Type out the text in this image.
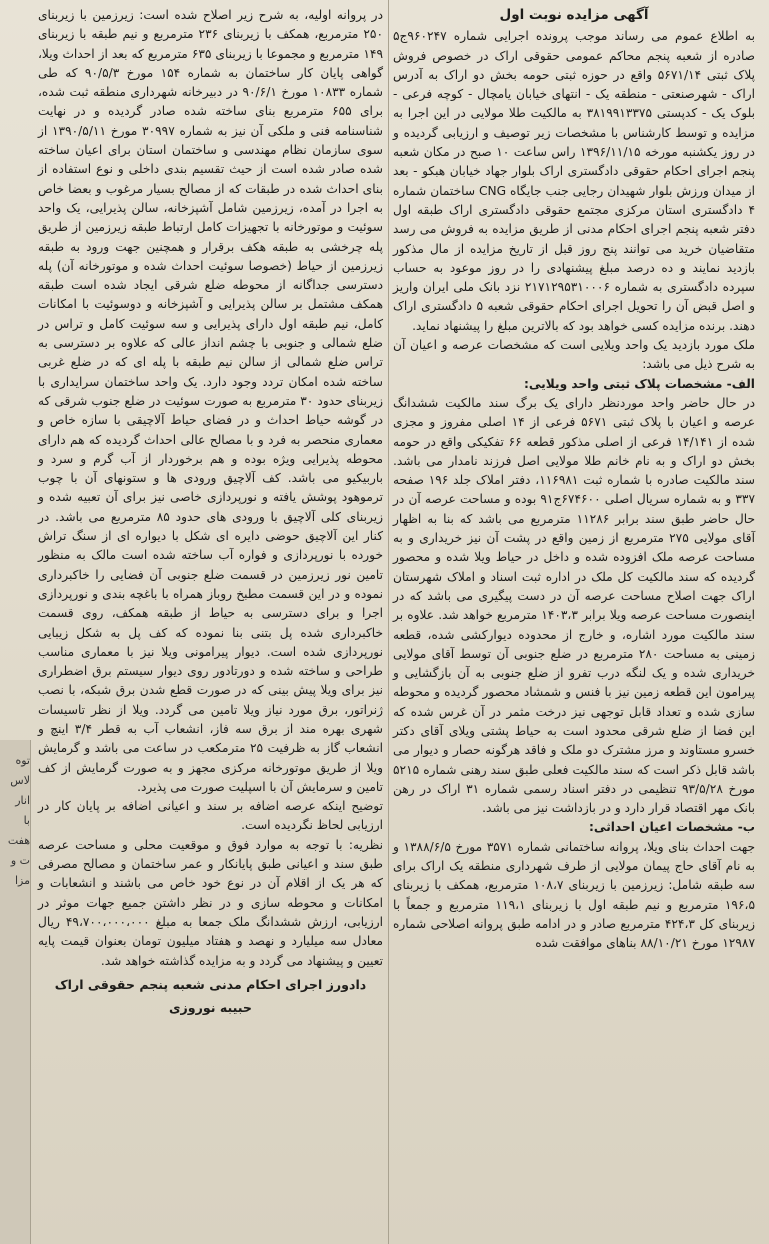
توه
لاس
انار
با
هفت
ت و
مزا
آگهی مزایده نوبت اول

به اطلاع عموم می رساند موجب پرونده اجرایی شماره ۹۶۰۲۴۷ج۵ صادره از شعبه پنجم محاکم عمومی حقوقی اراک در خصوص فروش پلاک ثبتی ۵۶۷۱/۱۴ واقع در حوزه ثبتی حومه بخش دو اراک به آدرس اراک - شهرصنعتی - منطقه یک - انتهای خیابان یامچال - کوچه فرعی - بلوک یک - کدپستی ۳۸۱۹۹۱۳۳۷۵ به مالکیت طلا مولایی در این اجرا به مزایده و توسط کارشناس با مشخصات زیر توصیف و ارزیابی گردیده و در روز یکشنبه مورخه ۱۳۹۶/۱۱/۱۵ راس ساعت ۱۰ صبح در مکان شعبه پنجم اجرای احکام حقوقی دادگستری اراک بلوار جهاد خیابان هبکو - بعد از میدان ورزش بلوار شهیدان رجایی جنب جایگاه CNG ساختمان شماره ۴ دادگستری استان مرکزی مجتمع حقوقی دادگستری اراک طبقه اول دفتر شعبه پنجم اجرای احکام مدنی از طریق مزایده به فروش می رسد متقاضیان خرید می توانند پنج روز قبل از تاریخ مزایده از مال مذکور بازدید نمایند و ده درصد مبلغ پیشنهادی را در روز موعود به حساب سپرده دادگستری به شماره ۲۱۷۱۲۹۵۳۱۰۰۰۶ نزد بانک ملی ایران واریز و اصل قبض آن را تحویل اجرای احکام حقوقی شعبه ۵ دادگستری اراک دهند. برنده مزایده کسی خواهد بود که بالاترین مبلغ را پیشنهاد نماید.

ملک مورد بازدید یک واحد ویلایی است که مشخصات عرصه و اعیان آن به شرح ذیل می باشد:

الف- مشخصات پلاک ثبتی واحد ویلایی:

در حال حاضر واحد موردنظر دارای یک برگ سند مالکیت ششدانگ عرصه و اعیان با پلاک ثبتی ۵۶۷۱ فرعی از ۱۴ اصلی مفروز و مجزی شده از ۱۴/۱۴۱ فرعی از اصلی مذکور قطعه ۶۶ تفکیکی واقع در حومه بخش دو اراک و به نام خانم طلا مولایی اصل فرزند نامدار می باشد. سند مالکیت صادره با شماره ثبت ۱۱۶۹۸۱، دفتر املاک جلد ۱۹۶ صفحه ۳۳۷ و به شماره سریال اصلی ۶۷۴۶۰۰ج۹۱ بوده و مساحت عرصه آن در حال حاضر طبق سند برابر ۱۱۲۸۶ مترمربع می باشد که بنا به اظهار آقای مولایی ۲۷۵ مترمربع از زمین واقع در پشت آن نیز خریداری و به مساحت عرصه ملک افزوده شده و داخل در حیاط ویلا شده و محصور گردیده که سند مالکیت کل ملک در اداره ثبت اسناد و املاک شهرستان اراک جهت اصلاح مساحت عرصه آن در دست پیگیری می باشد که در اینصورت مساحت عرصه ویلا برابر ۱۴۰۳،۳ مترمربع خواهد شد. علاوه بر سند مالکیت مورد اشاره، و خارج از محدوده دیوارکشی شده، قطعه زمینی به مساحت ۲۸۰ مترمربع در ضلع جنوبی آن توسط آقای مولایی خریداری شده و یک لنگه درب تفرو از ضلع جنوبی به آن بازگشایی و پیرامون این قطعه زمین نیز با فنس و شمشاد محصور گردیده و محوطه سازی شده و تعداد قابل توجهی نیز درخت مثمر در آن غرس شده که این فضا از ضلع شرقی محدود است به حیاط پشتی ویلای آقای دکتر خسرو مستاوند و مرز مشترک دو ملک و فاقد هرگونه حصار و دیوار می باشد قابل ذکر است که سند مالکیت فعلی طبق سند رهنی شماره ۵۲۱۵ مورخ ۹۳/۵/۲۸ تنظیمی در دفتر اسناد رسمی شماره ۳۱ اراک در رهن بانک مهر اقتصاد قرار دارد و در بازداشت نیز می باشد.

ب- مشخصات اعیان احداثی:

جهت احداث بنای ویلا، پروانه ساختمانی شماره ۳۵۷۱ مورخ ۱۳۸۸/۶/۵ و به نام آقای حاج پیمان مولایی از طرف شهرداری منطقه یک اراک برای سه طبقه شامل: زیرزمین با زیربنای ۱۰۸،۷ مترمربع، همکف با زیربنای ۱۹۶،۵ مترمربع و نیم طبقه اول با زیربنای ۱۱۹،۱ مترمربع و جمعاً با زیربنای کل ۴۲۴،۳ مترمربع صادر و در ادامه طبق پروانه اصلاحی شماره ۱۲۹۸۷ مورخ ۸۸/۱۰/۲۱ بناهای موافقت شده

در پروانه اولیه، به شرح زیر اصلاح شده است: زیرزمین با زیربنای ۲۵۰ مترمربع، همکف با زیربنای ۲۳۶ مترمربع و نیم طبقه با زیربنای ۱۴۹ مترمربع و مجموعا با زیربنای ۶۳۵ مترمربع که بعد از احداث ویلا، گواهی پایان کار ساختمان به شماره ۱۵۴ مورخ ۹۰/۵/۳ که طی شماره ۱۰۸۳۳ مورخ ۹۰/۶/۱ در دبیرخانه شهرداری منطقه ثبت شده، برای ۶۵۵ مترمربع بنای ساخته شده صادر گردیده و در نهایت شناسنامه فنی و ملکی آن نیز به شماره ۳۰۹۹۷ مورخ ۱۳۹۰/۵/۱۱ از سوی سازمان نظام مهندسی و ساختمان استان برای اعیان ساخته شده صادر شده است از حیث تقسیم بندی داخلی و نوع استفاده از بنای احداث شده در طبقات که از مصالح بسیار مرغوب و بعضا خاص به اجرا در آمده، زیرزمین شامل آشپزخانه، سالن پذیرایی، یک واحد سوئیت و موتورخانه با تجهیزات کامل ارتباط طبقه زیرزمین از طریق پله چرخشی به طبقه هکف برقرار و همچنین جهت ورود به طبقه زیرزمین از حیاط (خصوصا سوئیت احداث شده و موتورخانه آن) پله دسترسی جداگانه از محوطه ضلع شرقی ایجاد شده است طبقه همکف مشتمل بر سالن پذیرایی و آشپزخانه و دوسوئیت با امکانات کامل، نیم طبقه اول دارای پذیرایی و سه سوئیت کامل و تراس در ضلع شمالی و جنوبی با چشم انداز عالی که علاوه بر دسترسی به تراس ضلع شمالی از سالن نیم طبقه با پله ای که در ضلع غربی ساخته شده امکان تردد وجود دارد. یک واحد ساختمان سرایداری با زیربنای حدود ۳۰ مترمربع به صورت سوئیت در ضلع جنوب شرقی که در گوشه حیاط احداث و در فضای حیاط آلاچیقی با سازه خاص و معماری منحصر به فرد و با مصالح عالی احداث گردیده که هم دارای محوطه پذیرایی ویژه بوده و هم برخوردار از آب گرم و سرد و باربیکیو می باشد. کف آلاچیق ورودی ها و ستونهای آن با چوب ترموهود پوشش یافته و نورپردازی خاصی نیز برای آن تعبیه شده و زیربنای کلی آلاچیق با ورودی های حدود ۸۵ مترمربع می باشد. در کنار این آلاچیق حوضی دایره ای شکل با دیواره ای از سنگ تراش خورده با نورپردازی و فواره آب ساخته شده است مالک به منظور تامین نور زیرزمین در قسمت ضلع جنوبی آن فضایی را خاکبرداری نموده و در این قسمت مطبخ روباز همراه با باغچه بندی و نورپردازی اجرا و برای دسترسی به حیاط از طبقه همکف، روی قسمت خاکبرداری شده پل بتنی بنا نموده که کف پل به شکل زیبایی نورپردازی شده است. دیوار پیرامونی ویلا نیز با معماری مناسب طراحی و ساخته شده و دورتادور روی دیوار سیستم برق اضطراری نیز برای ویلا پیش بینی که در صورت قطع شدن برق شبکه، با نصب ژنراتور، برق مورد نیاز ویلا تامین می گردد. ویلا از نظر تاسیسات شهری بهره مند از برق سه فاز، انشعاب آب به قطر ۳/۴ اینچ و انشعاب گاز به ظرفیت ۲۵ مترمکعب در ساعت می باشد و گرمایش ویلا از طریق موتورخانه مرکزی مجهز و به صورت گرمایش از کف تامین و سرمایش آن با اسپلیت صورت می پذیرد.

توضیح اینکه عرصه اضافه بر سند و اعیانی اضافه بر پایان کار در ارزیابی لحاظ نگردیده است.

نظریه: با توجه به موارد فوق و موقعیت محلی و مساحت عرصه طبق سند و اعیانی طبق پایانکار و عمر ساختمان و مصالح مصرفی که هر یک از اقلام آن در نوع خود خاص می باشند و انشعابات و امکانات و محوطه سازی و در نظر داشتن جمیع جهات موثر در ارزیابی، ارزش ششدانگ ملک جمعا به مبلغ ۴۹،۷۰۰،۰۰۰،۰۰۰ ریال معادل سه میلیارد و نهصد و هفتاد میلیون تومان بعنوان قیمت پایه تعیین و پیشنهاد می گردد و به مزایده گذاشته خواهد شد.

دادورز اجرای احکام مدنی شعبه پنجم حقوقی اراک
حبیبه نوروزی
